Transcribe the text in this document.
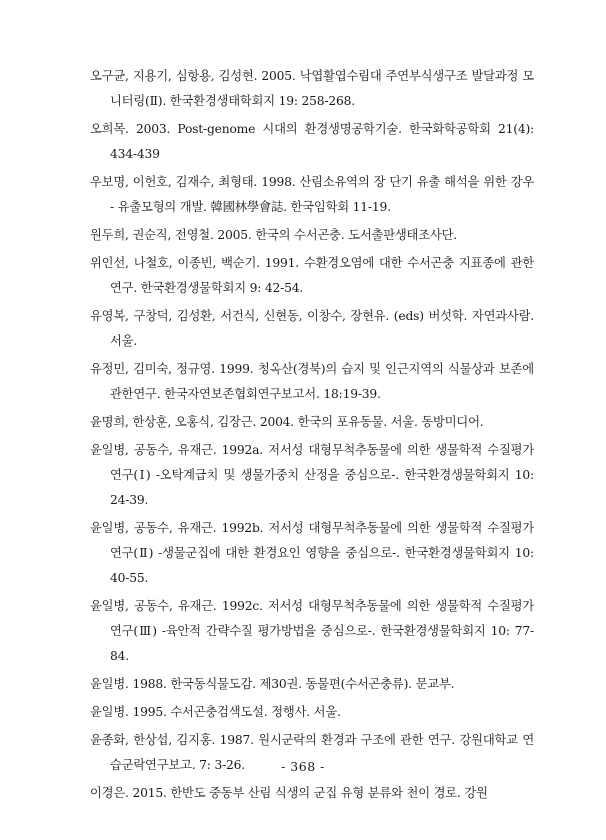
오구균, 지용기, 심항용, 김성현. 2005. 낙엽활엽수림대 주연부식생구조 발달과정 모니터링(Ⅱ). 한국환경생태학회지 19: 258-268.

오희목. 2003. Post-genome 시대의 환경생명공학기술. 한국화학공학회 21(4): 434-439

우보명, 이헌호, 김재수, 최형태. 1998. 산림소유역의 장 단기 유출 해석을 위한 강우 - 유출모형의 개발. 韓國林學會誌. 한국임학회 11-19.

원두희, 권순직, 전영철. 2005. 한국의 수서곤충. 도서출판생태조사단.

위인선, 나철호, 이종빈, 백순기. 1991. 수환경오염에 대한 수서곤충 지표종에 관한 연구. 한국환경생물학회지 9: 42-54.

유영복, 구창덕, 김성환, 서건식, 신현동, 이창수, 장현유. (eds) 버섯학. 자연과사람. 서울.

유정민, 김미숙, 정규영. 1999. 청옥산(경북)의 습지 및 인근지역의 식물상과 보존에 관한연구. 한국자연보존협회연구보고서. 18:19-39.

윤명희, 한상훈, 오홍식, 김장근. 2004. 한국의 포유동물. 서울. 동방미디어.

윤일병, 공동수, 유재근. 1992a. 저서성 대형무척추동물에 의한 생물학적 수질평가 연구(Ⅰ) -오탁계급치 및 생물가중치 산정을 중심으로-. 한국환경생물학회지 10: 24-39.

윤일병, 공동수, 유재근. 1992b. 저서성 대형무척추동물에 의한 생물학적 수질평가 연구(Ⅱ) -생물군집에 대한 환경요인 영향을 중심으로-. 한국환경생물학회지 10: 40-55.

윤일병, 공동수, 유재근. 1992c. 저서성 대형무척추동물에 의한 생물학적 수질평가 연구(Ⅲ) -육안적 간략수질 평가방법을 중심으로-. 한국환경생물학회지 10: 77-84.

윤일병. 1988. 한국동식물도감. 제30권. 동물편(수서곤충류). 문교부.

윤일병. 1995. 수서곤충검색도설. 정행사. 서울.

윤종화, 한상섭, 김지홍. 1987. 원시군락의 환경과 구조에 관한 연구. 강원대학교 연습군락연구보고. 7: 3-26.

이경은. 2015. 한반도 중동부 산림 식생의 군집 유형 분류와 천이 경로. 강원

- 368 -
